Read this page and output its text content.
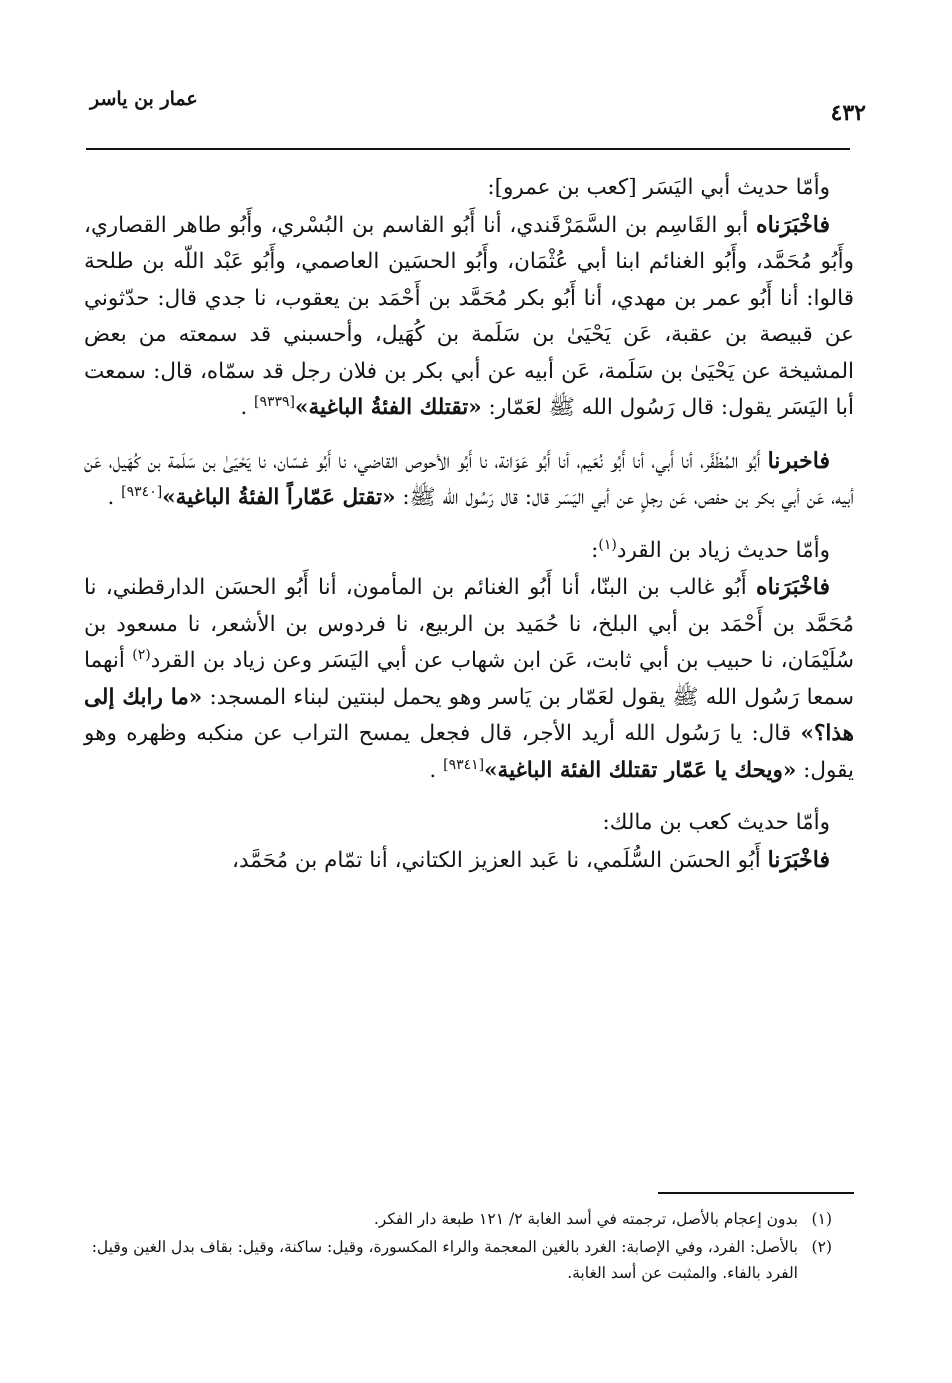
عمار بن ياسر
٤٣٢
وأمّا حديث أبي اليَسَر [كعب بن عمرو]:

فاخْبَرَناه أبو القَاسِم بن السَّمَرْقَندي، أنا أَبُو القاسم بن البُسْري، وأَبُو طاهر القصاري، وأَبُو مُحَمَّد، وأَبُو الغنائم ابنا أبي عُثْمَان، وأَبُو الحسَين العاصمي، وأَبُو عَبْد اللّه بن طلحة قالوا: أنا أَبُو عمر بن مهدي، أنا أَبُو بكر مُحَمَّد بن أَحْمَد بن يعقوب، نا جدي قال: حدّثوني عن قبيصة بن عقبة، عَن يَحْيَىٰ بن سَلَمة بن كُهَيل، وأحسبني قد سمعته من بعض المشيخة عن يَحْيَىٰ بن سَلَمة، عَن أبيه عن أبي بكر بن فلان رجل قد سمّاه، قال: سمعت أبا اليَسَر يقول: قال رَسُول الله ﷺ لعَمّار: «تقتلك الفئةُ الباغية»[٩٣٣٩] .

فاخبرنا أَبُو المُظَفَّر، أنا أَبي، أنا أَبُو نُعَيم، أنا أَبُو عَوَانة، نا أَبُو الأحوص القاضي، نا أَبُو غسّان، نا يَحْيَىٰ بن سَلَمة بن كُهَيل، عَن أبيه، عَن أبي بكر بن حفص، عَن رجلٍ عن أبي اليَسَر قال: قال رَسُول الله ﷺ: «تقتل عَمّاراً الفئةُ الباغية»[٩٣٤٠] .

وأمّا حديث زياد بن القرد$^{(١)}$:

فاخْبَرَناه أَبُو غالب بن البنّا، أنا أَبُو الغنائم بن المأمون، أنا أَبُو الحسَن الدارقطني، نا مُحَمَّد بن أَحْمَد بن أبي البلخ، نا حُمَيد بن الربيع، نا فردوس بن الأشعر، نا مسعود بن سُلَيْمَان، نا حبيب بن أبي ثابت، عَن ابن شهاب عن أبي اليَسَر وعن زياد بن القرد$^{(٢)}$ أنهما سمعا رَسُول الله ﷺ يقول لعَمّار بن يَاسر وهو يحمل لبنتين لبناء المسجد: «ما رابك إلى هذا؟» قال: يا رَسُول الله أريد الأجر، قال فجعل يمسح التراب عن منكبه وظهره وهو يقول: «ويحك يا عَمّار تقتلك الفئة الباغية»[٩٣٤١] .

وأمّا حديث كعب بن مالك:

فاخْبَرَنا أَبُو الحسَن السُّلَمي، نا عَبد العزيز الكتاني، أنا تمّام بن مُحَمَّد،

(١)
بدون إعجام بالأصل، ترجمته في أسد الغابة ٢/ ١٢١ طبعة دار الفكر.
(٢)
بالأصل: الفرد، وفي الإصابة: الغرد بالغين المعجمة والراء المكسورة، وقيل: ساكنة، وقيل: بقاف بدل الغين وقيل: الفرد بالفاء. والمثبت عن أسد الغابة.
